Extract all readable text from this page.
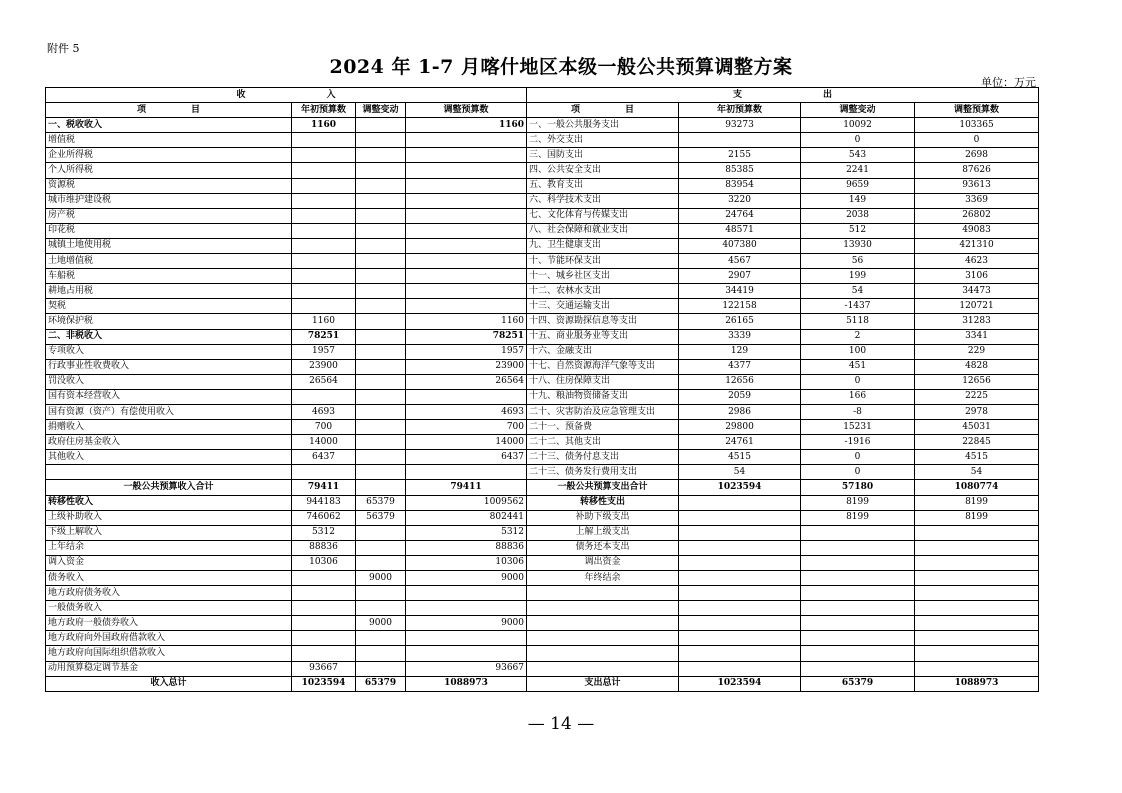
附件 5
2024 年 1-7 月喀什地区本级一般公共预算调整方案
单位：万元
收　　　　　　　　　入				支　　　　　　　　　出			
项　　　　　目	年初预算数	调整变动	调整预算数	项　　　　　目	年初预算数	调整变动	调整预算数
一、税收收入	1160		1160	一、一般公共服务支出	93273	10092	103365
增值税				二、外交支出		0	0
企业所得税				三、国防支出	2155	543	2698
个人所得税				四、公共安全支出	85385	2241	87626
资源税				五、教育支出	83954	9659	93613
城市维护建设税				六、科学技术支出	3220	149	3369
房产税				七、文化体育与传媒支出	24764	2038	26802
印花税				八、社会保障和就业支出	48571	512	49083
城镇土地使用税				九、卫生健康支出	407380	13930	421310
土地增值税				十、节能环保支出	4567	56	4623
车船税				十一、城乡社区支出	2907	199	3106
耕地占用税				十二、农林水支出	34419	54	34473
契税				十三、交通运输支出	122158	-1437	120721
环境保护税	1160		1160	十四、资源勘探信息等支出	26165	5118	31283
二、非税收入	78251		78251	十五、商业服务业等支出	3339	2	3341
专项收入	1957		1957	十六、金融支出	129	100	229
行政事业性收费收入	23900		23900	十七、自然资源海洋气象等支出	4377	451	4828
罚没收入	26564		26564	十八、住房保障支出	12656	0	12656
国有资本经营收入				十九、粮油物资储备支出	2059	166	2225
国有资源（资产）有偿使用收入	4693		4693	二十、灾害防治及应急管理支出	2986	-8	2978
捐赠收入	700		700	二十一、预备费	29800	15231	45031
政府住房基金收入	14000		14000	二十二、其他支出	24761	-1916	22845
其他收入	6437		6437	二十三、债务付息支出	4515	0	4515
				二十三、债务发行费用支出	54	0	54
一般公共预算收入合计	79411		79411	一般公共预算支出合计	1023594	57180	1080774
转移性收入	944183	65379	1009562	转移性支出		8199	8199
上级补助收入	746062	56379	802441	补助下级支出		8199	8199
下级上解收入	5312		5312	上解上级支出			
上年结余	88836		88836	债务还本支出			
调入资金	10306		10306	调出资金			
债务收入		9000	9000	年终结余			
地方政府债务收入							
一般债务收入							
地方政府一般债券收入		9000	9000				
地方政府向外国政府借款收入							
地方政府向国际组织借款收入							
动用预算稳定调节基金	93667		93667				
收入总计	1023594	65379	1088973	支出总计	1023594	65379	1088973
— 14 —
